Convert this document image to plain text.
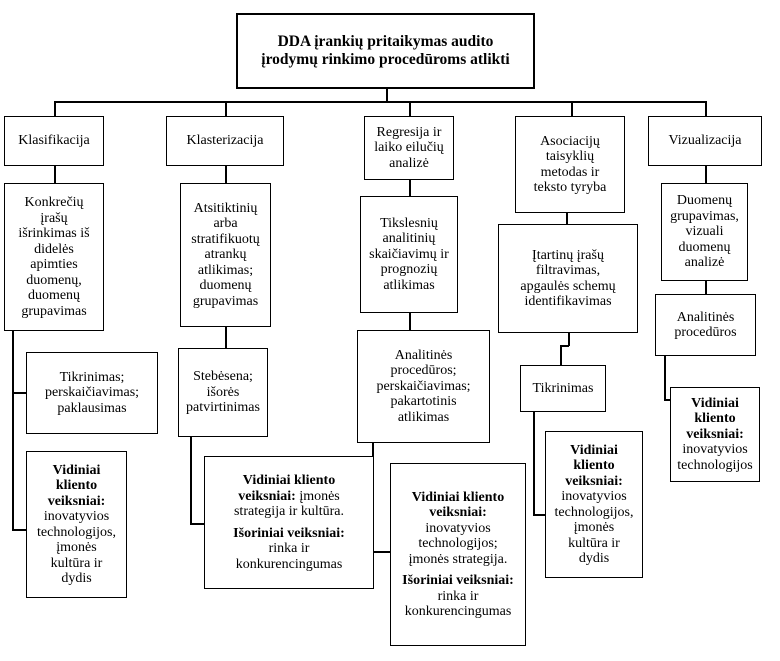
DDA įrankių pritaikymas audito
įrodymų rinkimo procedūroms atlikti
Klasifikacija
Konkrečių
įrašų
išrinkimas iš
didelės
apimties
duomenų,
duomenų
grupavimas
Tikrinimas;
perskaičiavimas;
paklausimas
Vidiniai
kliento
veiksniai:
inovatyvios
technologijos,
įmonės
kultūra ir
dydis
Klasterizacija
Atsitiktinių
arba
stratifikuotų
atrankų
atlikimas;
duomenų
grupavimas
Stebėsena;
išorės
patvirtinimas
Vidiniai kliento
veiksniai: įmonės
strategija ir kultūra.
Išoriniai veiksniai:
rinka ir
konkurencingumas
Regresija ir
laiko eilučių
analizė
Tikslesnių
analitinių
skaičiavimų ir
prognozių
atlikimas
Analitinės
procedūros;
perskaičiavimas;
pakartotinis
atlikimas
Vidiniai kliento
veiksniai:
inovatyvios
technologijos;
įmonės strategija.
Išoriniai veiksniai:
rinka ir
konkurencingumas
Asociacijų
taisyklių
metodas ir
teksto tyryba
Įtartinų įrašų
filtravimas,
apgaulės schemų
identifikavimas
Tikrinimas
Vidiniai
kliento
veiksniai:
inovatyvios
technologijos,
įmonės
kultūra ir
dydis
Vizualizacija
Duomenų
grupavimas,
vizuali
duomenų
analizė
Analitinės
procedūros
Vidiniai
kliento
veiksniai:
inovatyvios
technologijos
